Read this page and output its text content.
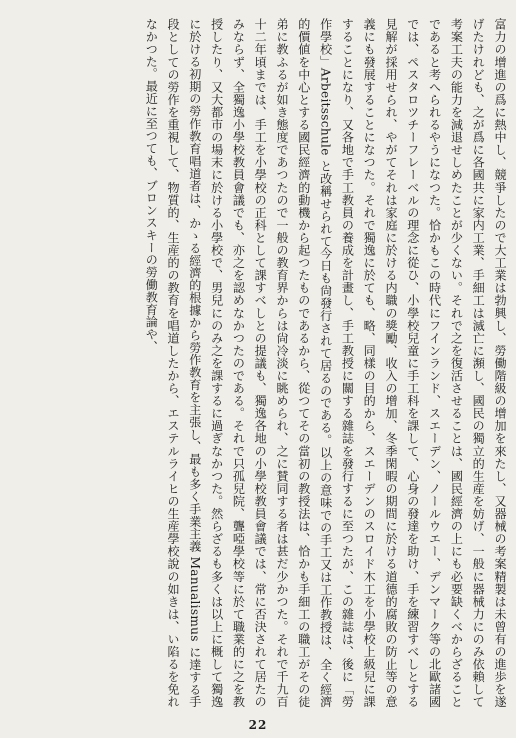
富力の增進の爲に熱中し、競爭したので大工業は勃興し、勞働階級の增加を來たし、又器械の考案精製は未曾有の進歩を遂げたけれども、之が爲に各國共に家内工業、手細工は滅亡に瀕し、國民の獨立的生産を妨げ、一般に器械力にのみ依賴して考案工夫の能力を減退せしめたことが少くない。それで之を復活させることは、國民經濟の上にも必要缺くべからざることであると考へられるやうになつた。恰かもこの時代にフインランド、スエーデン、ノールウエー、デンマーク等の北歐諸國では、ペスタロツチーフレーベルの理念に從ひ、小學校兒童に手工科を課して、心身の發達を助け、手を練習すべしとする見解が採用せられ、やがてそれは家庭に於ける内職の獎勵、收入の增加、冬季閑暇の期間に於ける道德的腐敗の防止等の意義にも發展することになつた。それで獨逸に於ても、略、同樣の目的から、スエーデンのスロイド木工を小學校上級兒に課することになり、又各地で手工教員の養成を計畫し、手工教授に關する雜誌を發行するに至つたが、この雜誌は、後に「勞作學校」Arbeitsschule と改稱せられて今日も尙發行されて居るのである。以上の意味での手工又は工作教授は、全く經濟的價値を中心とする國民經濟的動機から起つたものであるから、從つてその當初の教授法は、恰かも手細工の職工がその徒弟に教ふるが如き態度であつたので一般の教育界からは尙冷淡に眺められ、之に賛同する者は甚だ少かつた。それで千九百十二年頃までは、手工を小學校の正科として課すべしとの提議も、獨逸各地の小學校教員會議では、常に否決されて居たのみならず、全獨逸小學校教員會議でも、亦之を認めなかつたのである。それで只孤兒院、聾啞學校等に於て職業的に之を教授したり、又大都市の場末に於ける小學校で、男兒にのみ之を課するに過ぎなかつた。然らざるも多くは以上に概して獨逸に於ける初期の勞作教育唱道者は、かゝる經濟的根據から勞作教育を主張し、最も多く手業主義 Manualismus に達する手段としての勞作を重視して、物質的、生産的の教育を唱道したから、エステルライヒの生産學校說の如きは、い陷るを免れなかつた。最近に至つても、ブロンスキーの勞働教育論や、

22
